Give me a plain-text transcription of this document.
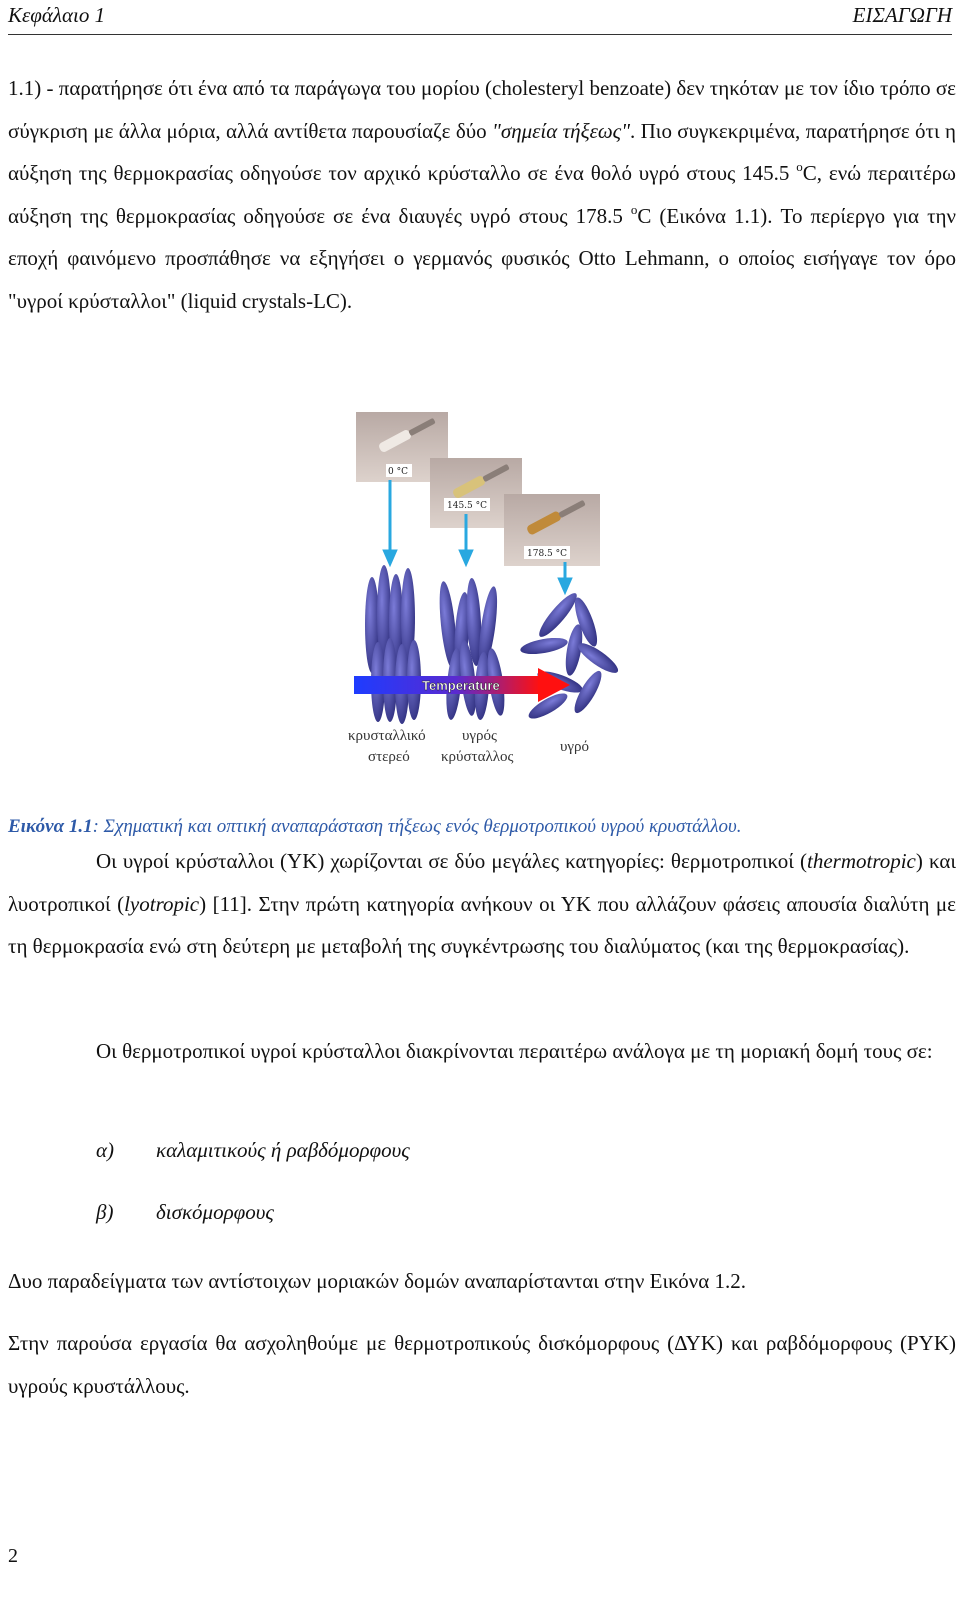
Κεφάλαιο 1	ΕΙΣΑΓΩΓΗ

1.1) - παρατήρησε ότι ένα από τα παράγωγα του μορίου (cholesteryl benzoate) δεν τηκόταν με τον ίδιο τρόπο σε σύγκριση με άλλα μόρια, αλλά αντίθετα παρουσίαζε δύο "σημεία τήξεως". Πιο συγκεκριμένα, παρατήρησε ότι η αύξηση της θερμοκρασίας οδηγούσε τον αρχικό κρύσταλλο σε ένα θολό υγρό στους 145.5 $^o$C, ενώ περαιτέρω αύξηση της θερμοκρασίας οδηγούσε σε ένα διαυγές υγρό στους 178.5 $^o$C (Εικόνα 1.1). Το περίεργο για την εποχή φαινόμενο προσπάθησε να εξηγήσει ο γερμανός φυσικός Otto Lehmann, ο οποίος εισήγαγε τον όρο "υγροί κρύσταλλοι" (liquid crystals-LC).

0 °C
145.5 °C
178.5 °C
Temperature
κρυσταλλικό
στερεό
υγρός
κρύσταλλος
υγρό
Εικόνα 1.1: Σχηματική και οπτική αναπαράσταση τήξεως ενός θερμοτροπικού υγρού κρυστάλλου.

Οι υγροί κρύσταλλοι (ΥΚ) χωρίζονται σε δύο μεγάλες κατηγορίες: θερμοτροπικοί (thermotropic) και λυοτροπικοί (lyotropic) [11]. Στην πρώτη κατηγορία ανήκουν οι ΥΚ που αλλάζουν φάσεις απουσία διαλύτη με τη θερμοκρασία ενώ στη δεύτερη με μεταβολή της συγκέντρωσης του διαλύματος (και της θερμοκρασίας).

Οι θερμοτροπικοί υγροί κρύσταλλοι διακρίνονται περαιτέρω ανάλογα με τη μοριακή δομή τους σε:

α) καλαμιτικούς ή ραβδόμορφους
β) δισκόμορφους

Δυο παραδείγματα των αντίστοιχων μοριακών δομών αναπαρίστανται στην Εικόνα 1.2.

Στην παρούσα εργασία θα ασχοληθούμε με θερμοτροπικούς δισκόμορφους (ΔΥΚ) και ραβδόμορφους (ΡΥΚ) υγρούς κρυστάλλους.

2
